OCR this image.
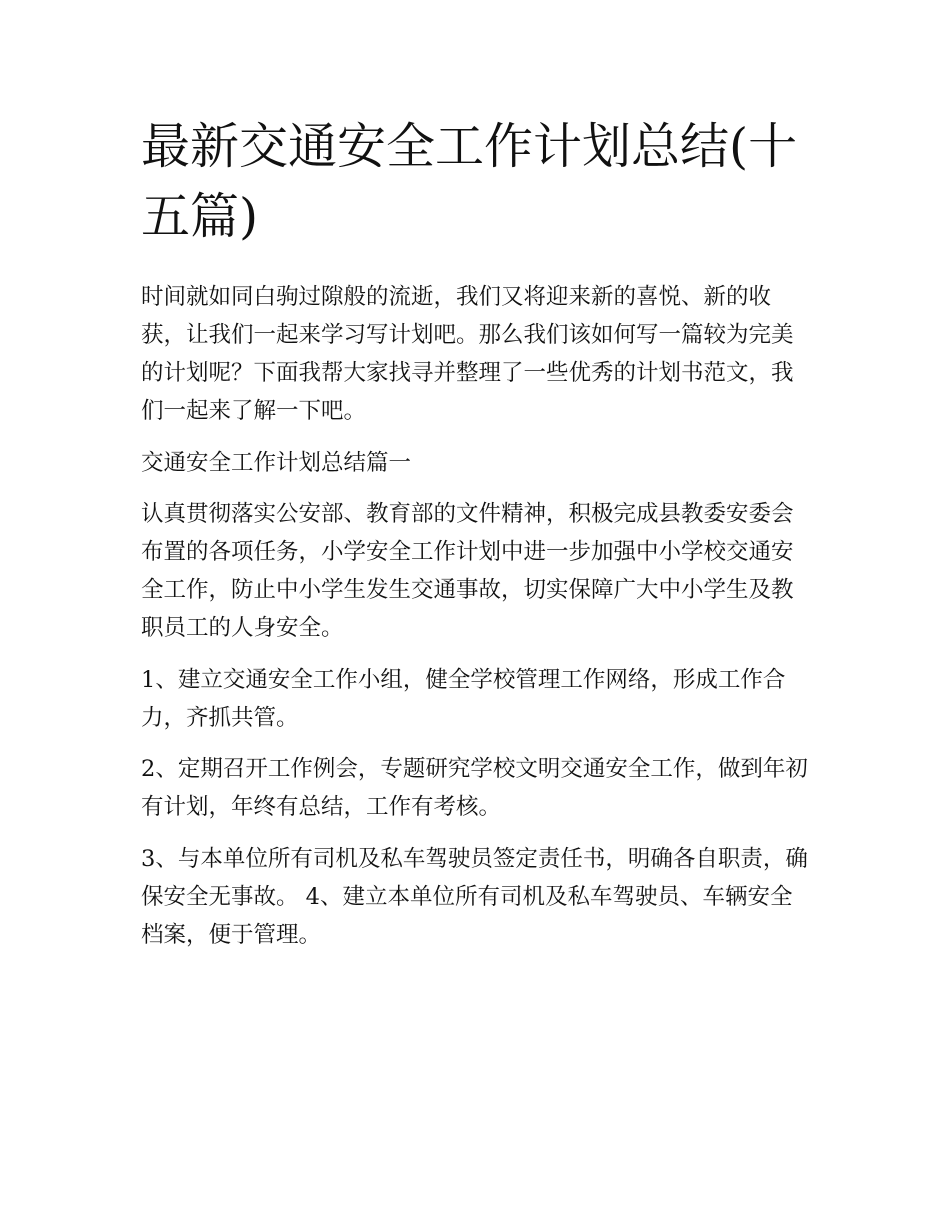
最新交通安全工作计划总结(十五篇)

时间就如同白驹过隙般的流逝，我们又将迎来新的喜悦、新的收获，让我们一起来学习写计划吧。那么我们该如何写一篇较为完美的计划呢？下面我帮大家找寻并整理了一些优秀的计划书范文，我们一起来了解一下吧。

交通安全工作计划总结篇一

认真贯彻落实公安部、教育部的文件精神，积极完成县教委安委会布置的各项任务，小学安全工作计划中进一步加强中小学校交通安全工作，防止中小学生发生交通事故，切实保障广大中小学生及教职员工的人身安全。

1、建立交通安全工作小组，健全学校管理工作网络，形成工作合力，齐抓共管。

2、定期召开工作例会，专题研究学校文明交通安全工作，做到年初有计划，年终有总结，工作有考核。

3、与本单位所有司机及私车驾驶员签定责任书，明确各自职责，确保安全无事故。 4、建立本单位所有司机及私车驾驶员、车辆安全档案，便于管理。
